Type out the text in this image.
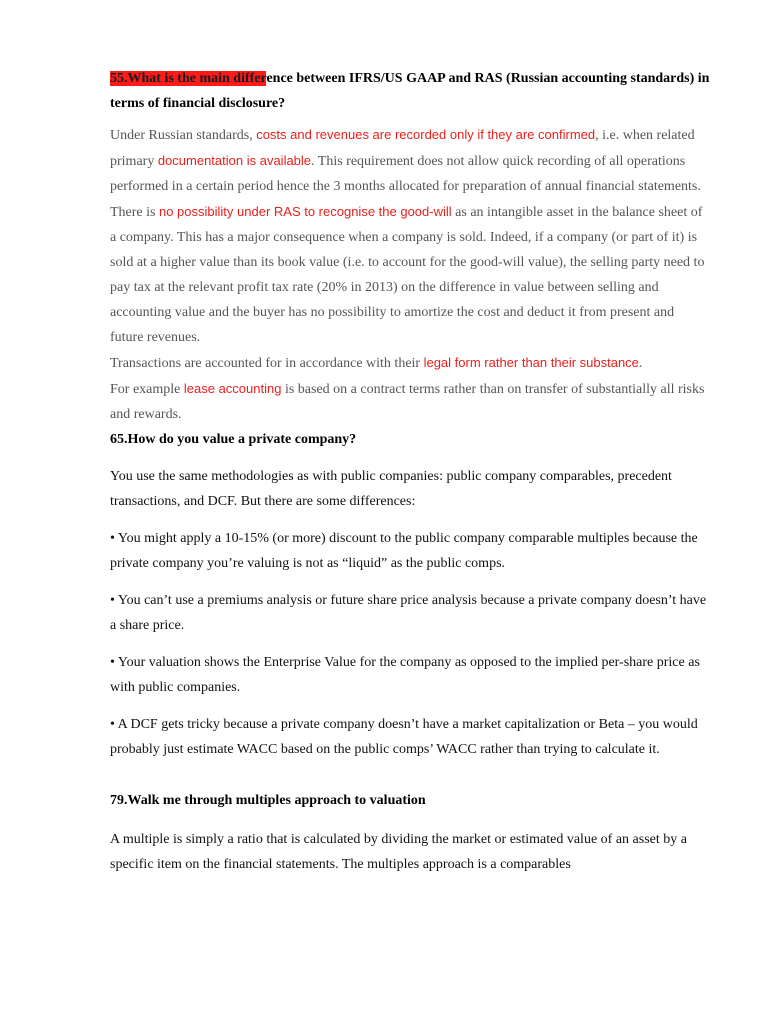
55.What is the main difference between IFRS/US GAAP and RAS (Russian accounting standards) in terms of financial disclosure?

Under Russian standards, costs and revenues are recorded only if they are confirmed, i.e. when related primary documentation is available. This requirement does not allow quick recording of all operations performed in a certain period hence the 3 months allocated for preparation of annual financial statements.

There is no possibility under RAS to recognise the good-will as an intangible asset in the balance sheet of a company. This has a major consequence when a company is sold. Indeed, if a company (or part of it) is sold at a higher value than its book value (i.e. to account for the good-will value), the selling party need to pay tax at the relevant profit tax rate (20% in 2013) on the difference in value between selling and accounting value and the buyer has no possibility to amortize the cost and deduct it from present and future revenues.

Transactions are accounted for in accordance with their legal form rather than their substance.

For example lease accounting is based on a contract terms rather than on transfer of substantially all risks and rewards.

65.How do you value a private company?

You use the same methodologies as with public companies: public company comparables, precedent transactions, and DCF. But there are some differences:

• You might apply a 10-15% (or more) discount to the public company comparable multiples because the private company you’re valuing is not as “liquid” as the public comps.

• You can’t use a premiums analysis or future share price analysis because a private company doesn’t have a share price.

• Your valuation shows the Enterprise Value for the company as opposed to the implied per-share price as with public companies.

• A DCF gets tricky because a private company doesn’t have a market capitalization or Beta – you would probably just estimate WACC based on the public comps’ WACC rather than trying to calculate it.

79.Walk me through multiples approach to valuation

A multiple is simply a ratio that is calculated by dividing the market or estimated value of an asset by a specific item on the financial statements. The multiples approach is a comparables
